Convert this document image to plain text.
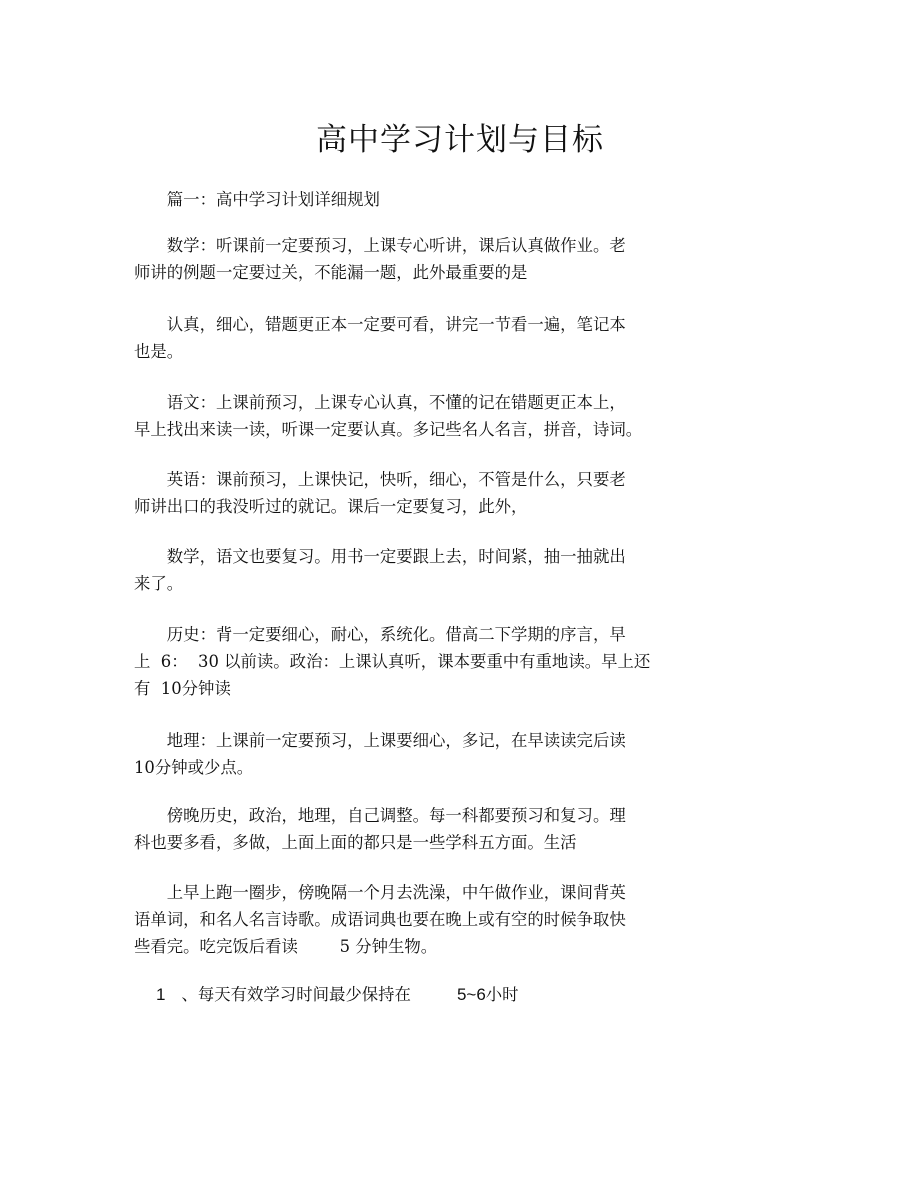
高中学习计划与目标

篇一：高中学习计划详细规划

数学：听课前一定要预习，上课专心听讲，课后认真做作业。老
师讲的例题一定要过关，不能漏一题，此外最重要的是

认真，细心，错题更正本一定要可看，讲完一节看一遍，笔记本
也是。

语文：上课前预习，上课专心认真，不懂的记在错题更正本上，
早上找出来读一读，听课一定要认真。多记些名人名言，拼音，诗词。

英语：课前预习，上课快记，快听，细心，不管是什么，只要老
师讲出口的我没听过的就记。课后一定要复习，此外，

数学，语文也要复习。用书一定要跟上去，时间紧，抽一抽就出
来了。

历史：背一定要细心，耐心，系统化。借高二下学期的序言，早
上  6：  30 以前读。政治：上课认真听，课本要重中有重地读。早上还
有  10分钟读

地理：上课前一定要预习，上课要细心，多记，在早读读完后读
10分钟或少点。

傍晚历史，政治，地理，自己调整。每一科都要预习和复习。理
科也要多看，多做，上面上面的都只是一些学科五方面。生活

上早上跑一圈步，傍晚隔一个月去洗澡，中午做作业，课间背英
语单词，和名人名言诗歌。成语词典也要在晚上或有空的时候争取快
些看完。吃完饭后看读        5 分钟生物。

1 、每天有效学习时间最少保持在	5~6小时
